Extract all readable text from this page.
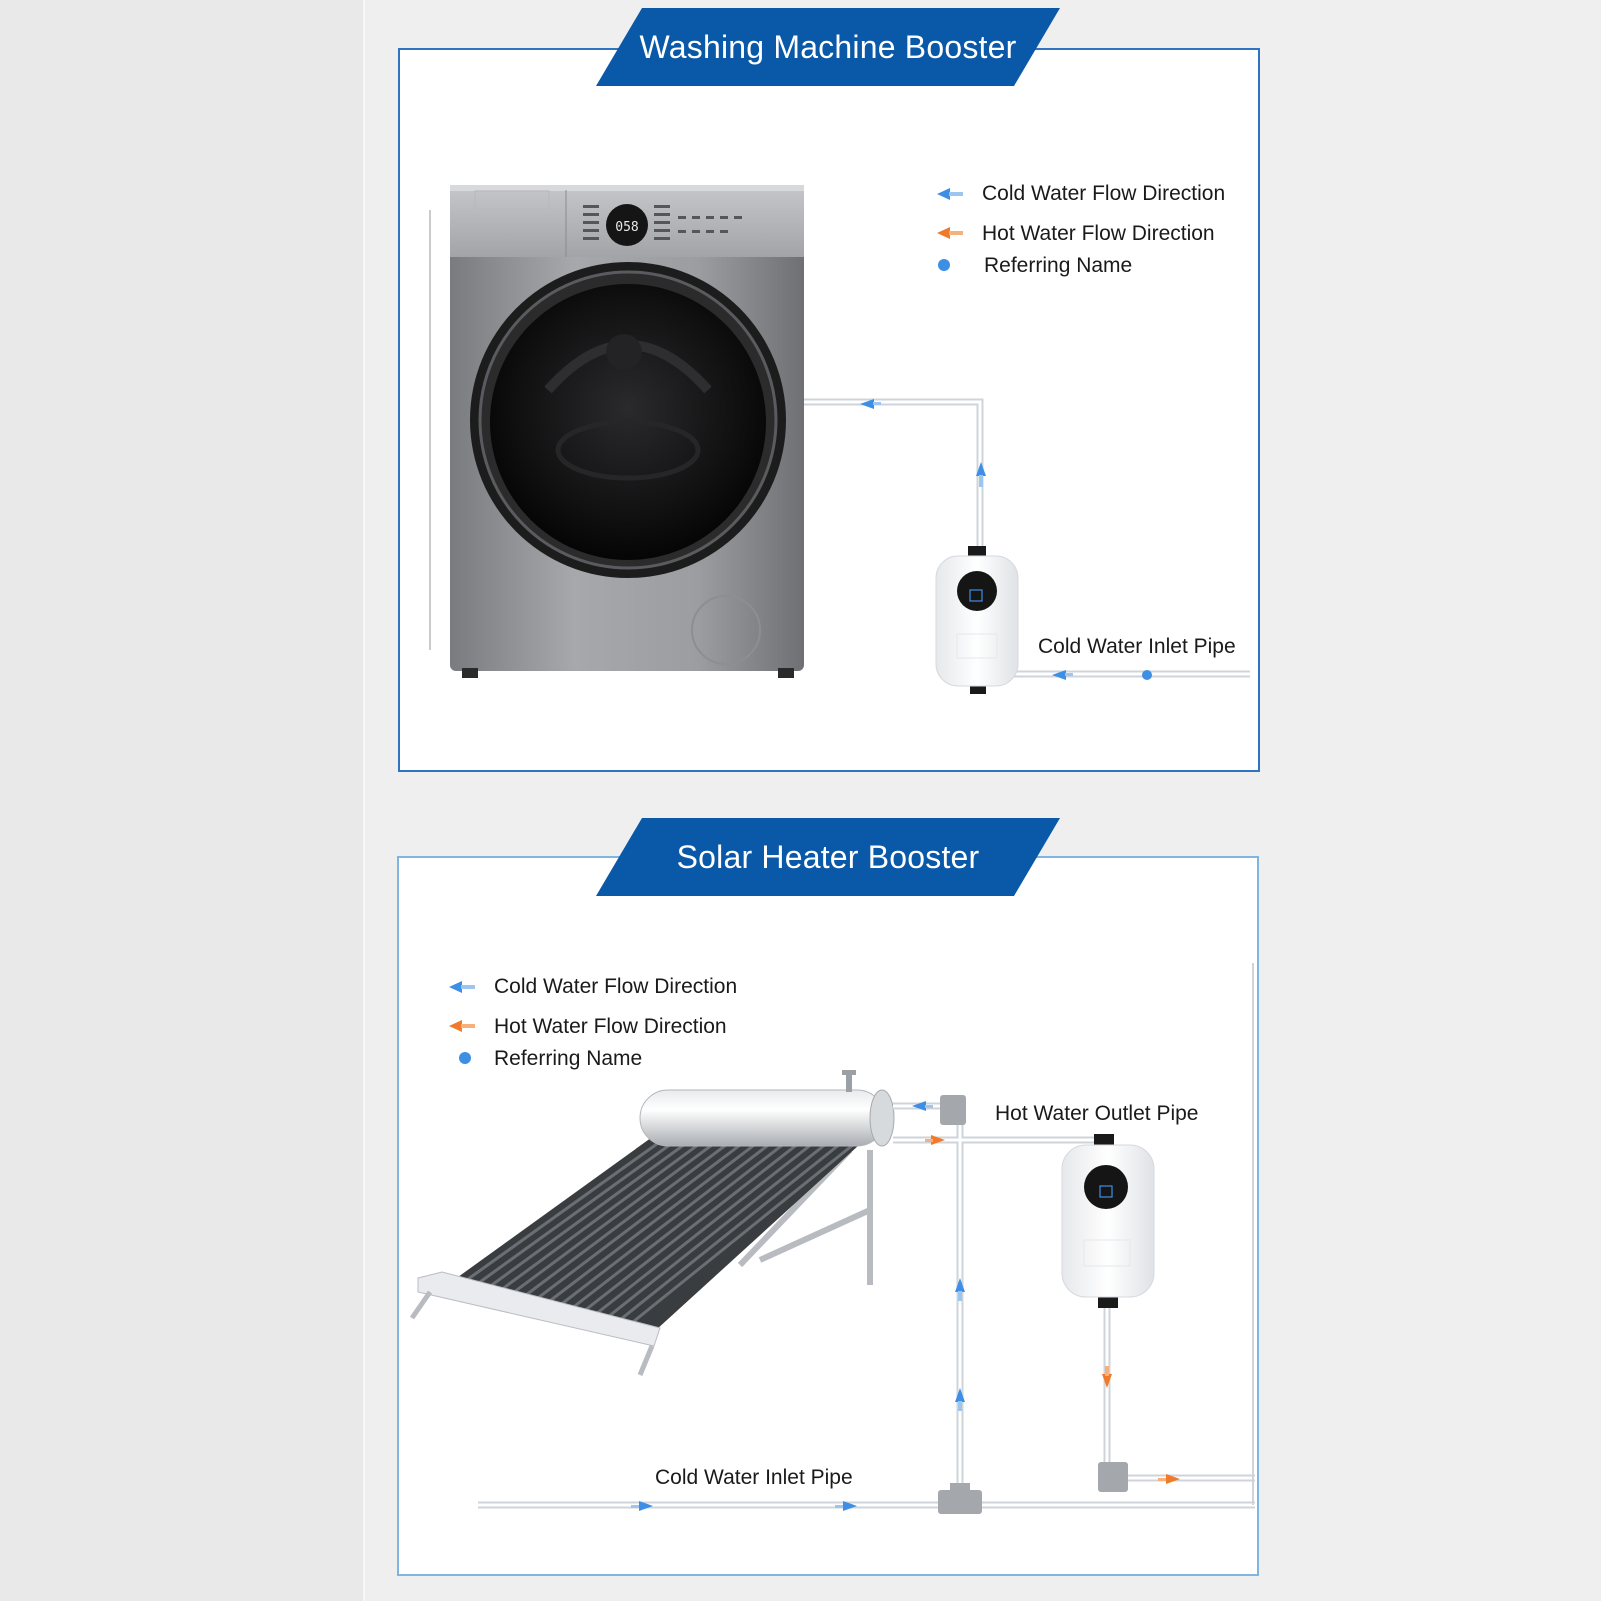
Washing Machine Booster
058
Cold Water Flow Direction
Hot Water Flow Direction
Referring Name
Cold Water Inlet Pipe
Solar Heater Booster
Cold Water Flow Direction
Hot Water Flow Direction
Referring Name
Hot Water Outlet Pipe
Cold Water Inlet Pipe
